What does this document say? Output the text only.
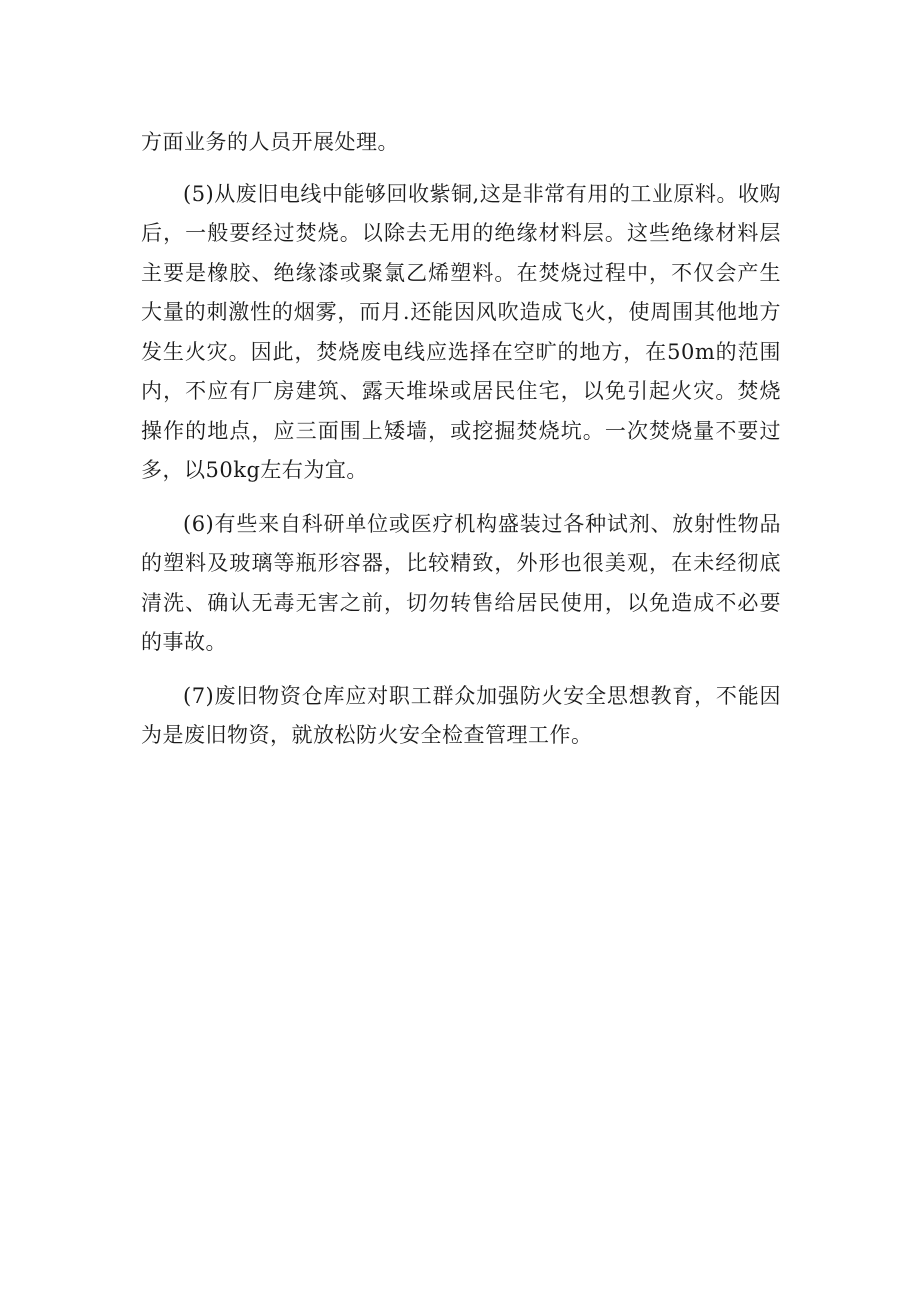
方面业务的人员开展处理。

(5)从废旧电线中能够回收紫铜,这是非常有用的工业原料。收购后，一般要经过焚烧。以除去无用的绝缘材料层。这些绝缘材料层主要是橡胶、绝缘漆或聚氯乙烯塑料。在焚烧过程中，不仅会产生大量的刺激性的烟雾，而月.还能因风吹造成飞火，使周围其他地方发生火灾。因此，焚烧废电线应选择在空旷的地方，在50m的范围内，不应有厂房建筑、露天堆垛或居民住宅，以免引起火灾。焚烧操作的地点，应三面围上矮墙，或挖掘焚烧坑。一次焚烧量不要过多，以50kg左右为宜。

(6)有些来自科研单位或医疗机构盛装过各种试剂、放射性物品的塑料及玻璃等瓶形容器，比较精致，外形也很美观，在未经彻底清洗、确认无毒无害之前，切勿转售给居民使用，以免造成不必要的事故。

(7)废旧物资仓库应对职工群众加强防火安全思想教育，不能因为是废旧物资，就放松防火安全检查管理工作。
